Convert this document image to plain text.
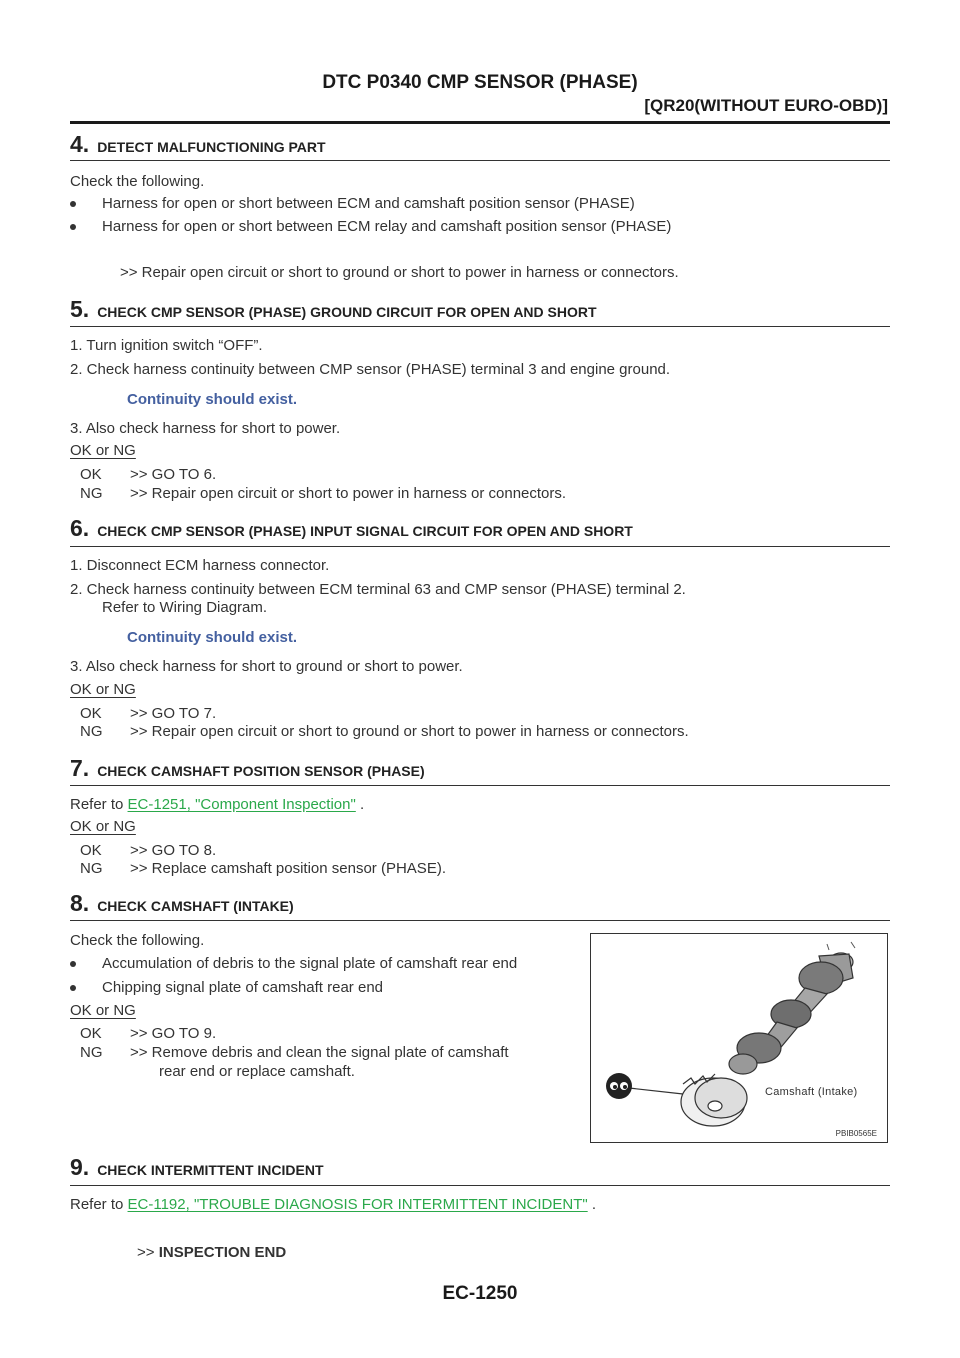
DTC P0340 CMP SENSOR (PHASE)
[QR20(WITHOUT EURO-OBD)]
4. DETECT MALFUNCTIONING PART
Check the following.
Harness for open or short between ECM and camshaft position sensor (PHASE)
Harness for open or short between ECM relay and camshaft position sensor (PHASE)
>> Repair open circuit or short to ground or short to power in harness or connectors.
5. CHECK CMP SENSOR (PHASE) GROUND CIRCUIT FOR OPEN AND SHORT
1. Turn ignition switch “OFF”.
2. Check harness continuity between CMP sensor (PHASE) terminal 3 and engine ground.
Continuity should exist.
3. Also check harness for short to power.
OK or NG
OK >> GO TO 6.
NG >> Repair open circuit or short to power in harness or connectors.
6. CHECK CMP SENSOR (PHASE) INPUT SIGNAL CIRCUIT FOR OPEN AND SHORT
1. Disconnect ECM harness connector.
2. Check harness continuity between ECM terminal 63 and CMP sensor (PHASE) terminal 2.
Refer to Wiring Diagram.
Continuity should exist.
3. Also check harness for short to ground or short to power.
OK or NG
OK >> GO TO 7.
NG >> Repair open circuit or short to ground or short to power in harness or connectors.
7. CHECK CAMSHAFT POSITION SENSOR (PHASE)
Refer to EC-1251, "Component Inspection" .
OK or NG
OK >> GO TO 8.
NG >> Replace camshaft position sensor (PHASE).
8. CHECK CAMSHAFT (INTAKE)
Check the following.
Accumulation of debris to the signal plate of camshaft rear end
Chipping signal plate of camshaft rear end
OK or NG
OK >> GO TO 9.
NG >> Remove debris and clean the signal plate of camshaft
rear end or replace camshaft.
Camshaft (Intake)
PBIB0565E
9. CHECK INTERMITTENT INCIDENT
Refer to EC-1192, "TROUBLE DIAGNOSIS FOR INTERMITTENT INCIDENT" .
>> INSPECTION END
EC-1250
